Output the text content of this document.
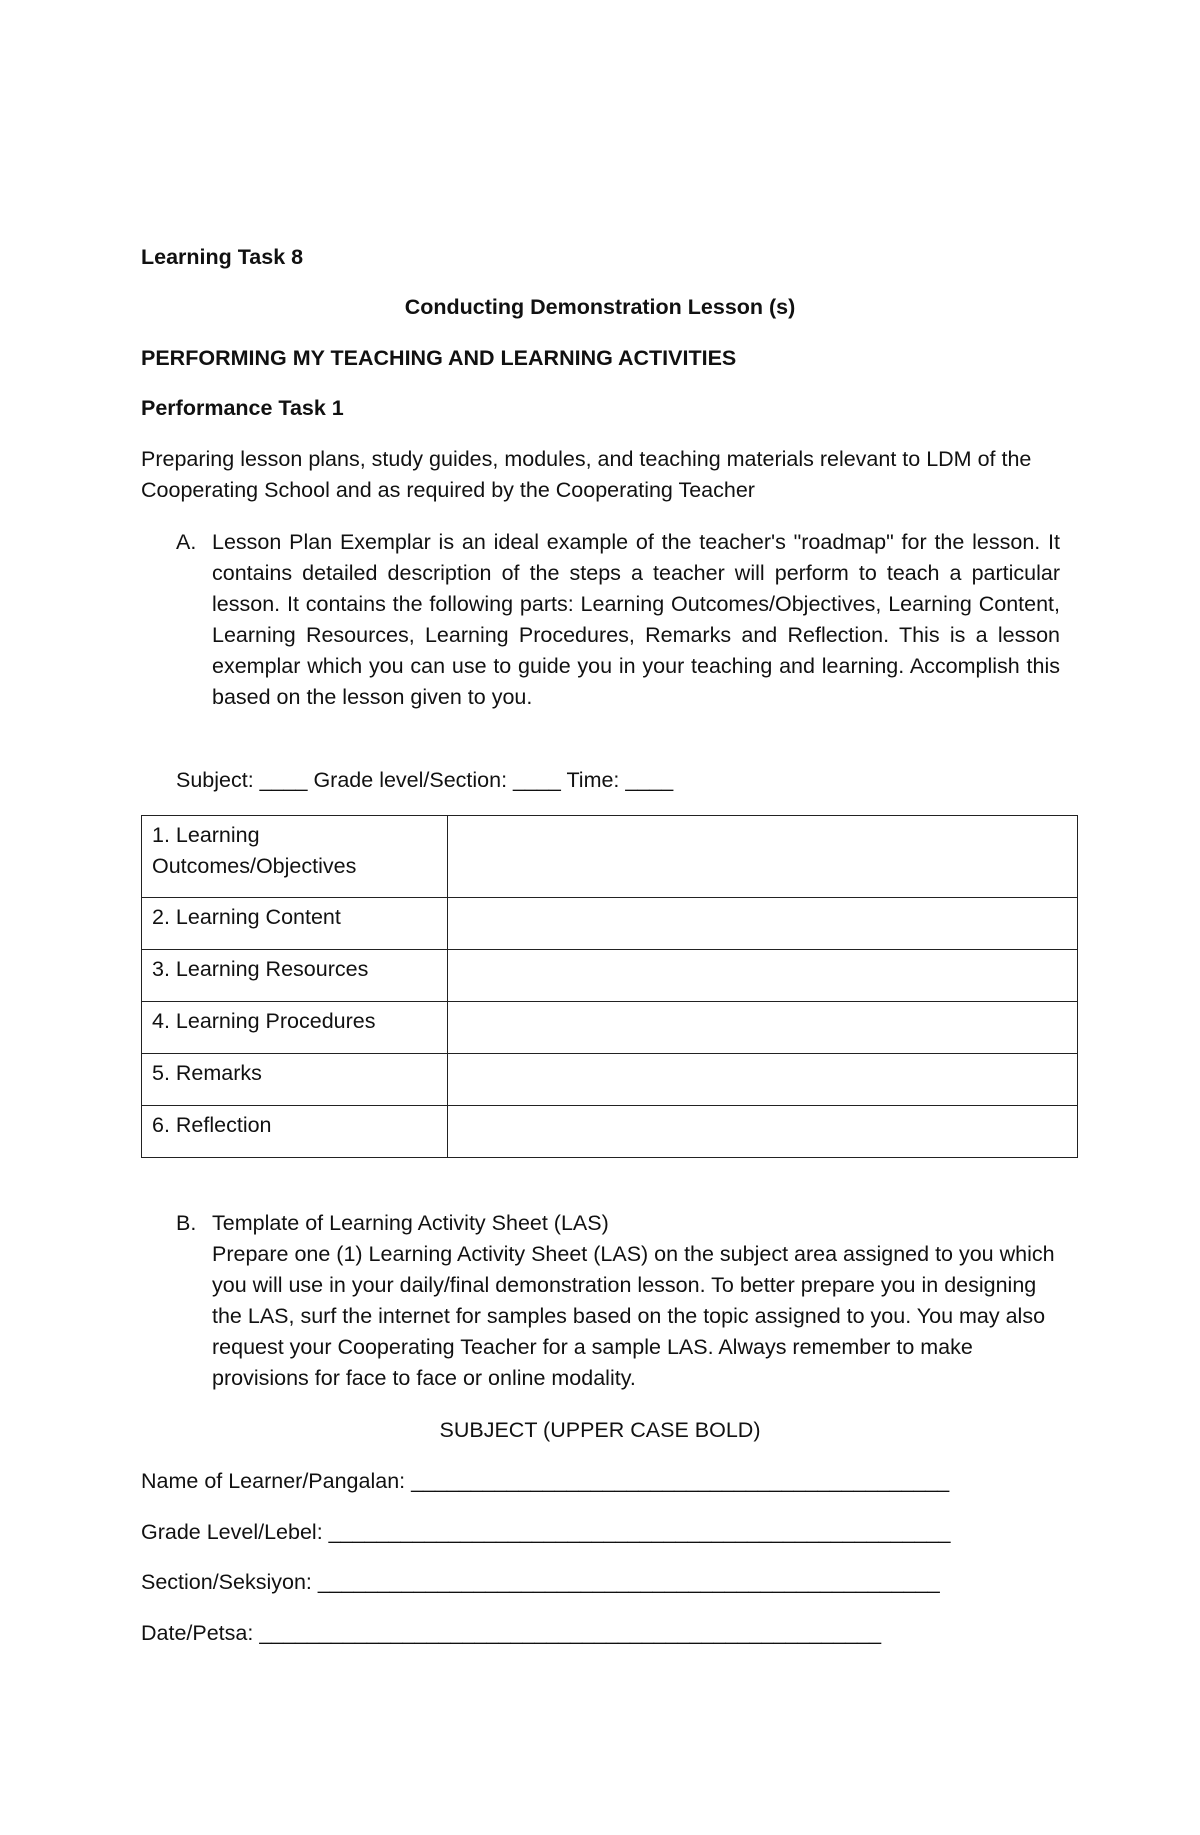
Learning Task 8
Conducting Demonstration Lesson (s)
PERFORMING MY TEACHING AND LEARNING ACTIVITIES
Performance Task 1
Preparing lesson plans, study guides, modules, and teaching materials relevant to LDM of the Cooperating School and as required by the Cooperating Teacher
A. Lesson Plan Exemplar is an ideal example of the teacher's "roadmap" for the lesson. It contains detailed description of the steps a teacher will perform to teach a particular lesson. It contains the following parts: Learning Outcomes/Objectives, Learning Content, Learning Resources, Learning Procedures, Remarks and Reflection. This is a lesson exemplar which you can use to guide you in your teaching and learning. Accomplish this based on the lesson given to you.
Subject: ____ Grade level/Section: ____ Time: ____
1. Learning Outcomes/Objectives	
2. Learning Content	
3. Learning Resources	
4. Learning Procedures	
5. Remarks	
6. Reflection	
B. Template of Learning Activity Sheet (LAS)
Prepare one (1) Learning Activity Sheet (LAS) on the subject area assigned to you which you will use in your daily/final demonstration lesson. To better prepare you in designing the LAS, surf the internet for samples based on the topic assigned to you. You may also request your Cooperating Teacher for a sample LAS. Always remember to make provisions for face to face or online modality.
SUBJECT (UPPER CASE BOLD)
Name of Learner/Pangalan: _____________________________________________
Grade Level/Lebel: ____________________________________________________
Section/Seksiyon: ____________________________________________________
Date/Petsa: ____________________________________________________
